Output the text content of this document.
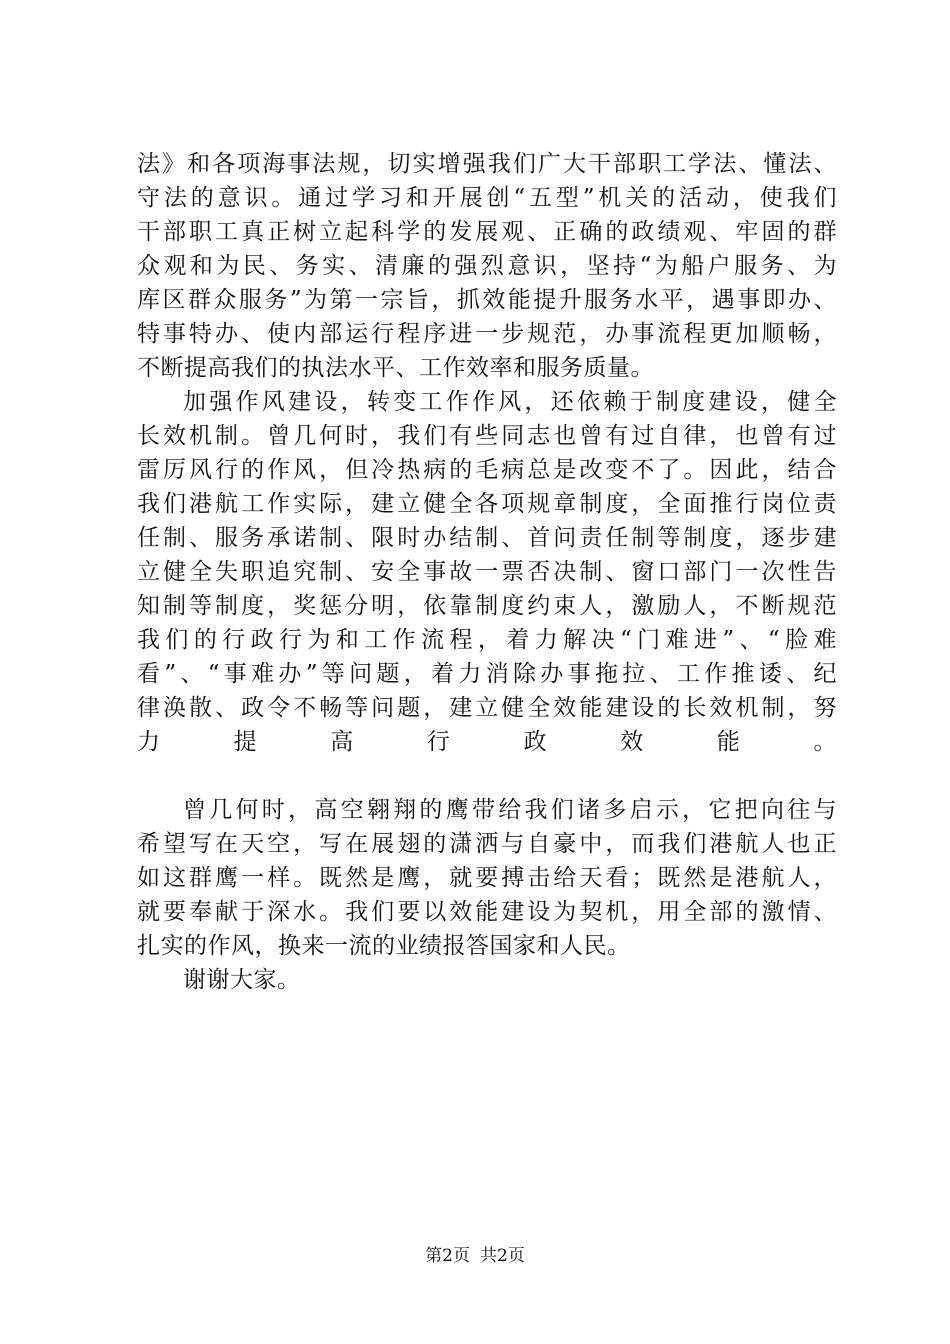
法》和各项海事法规，切实增强我们广大干部职工学法、懂法、
守法的意识。通过学习和开展创“五型”机关的活动，使我们
干部职工真正树立起科学的发展观、正确的政绩观、牢固的群
众观和为民、务实、清廉的强烈意识，坚持“为船户服务、为
库区群众服务”为第一宗旨，抓效能提升服务水平，遇事即办、
特事特办、使内部运行程序进一步规范，办事流程更加顺畅，
不断提高我们的执法水平、工作效率和服务质量。
加强作风建设，转变工作作风，还依赖于制度建设，健全
长效机制。曾几何时，我们有些同志也曾有过自律，也曾有过
雷厉风行的作风，但冷热病的毛病总是改变不了。因此，结合
我们港航工作实际，建立健全各项规章制度，全面推行岗位责
任制、服务承诺制、限时办结制、首问责任制等制度，逐步建
立健全失职追究制、安全事故一票否决制、窗口部门一次性告
知制等制度，奖惩分明，依靠制度约束人，激励人，不断规范
我们的行政行为和工作流程，着力解决“门难进”、“脸难
看”、“事难办”等问题，着力消除办事拖拉、工作推诿、纪
律涣散、政令不畅等问题，建立健全效能建设的长效机制，努
力提高行政效能。
曾几何时，高空翱翔的鹰带给我们诸多启示，它把向往与
希望写在天空，写在展翅的潇洒与自豪中，而我们港航人也正
如这群鹰一样。既然是鹰，就要搏击给天看；既然是港航人，
就要奉献于深水。我们要以效能建设为契机，用全部的激情、
扎实的作风，换来一流的业绩报答国家和人民。
谢谢大家。
第2页 共2页
